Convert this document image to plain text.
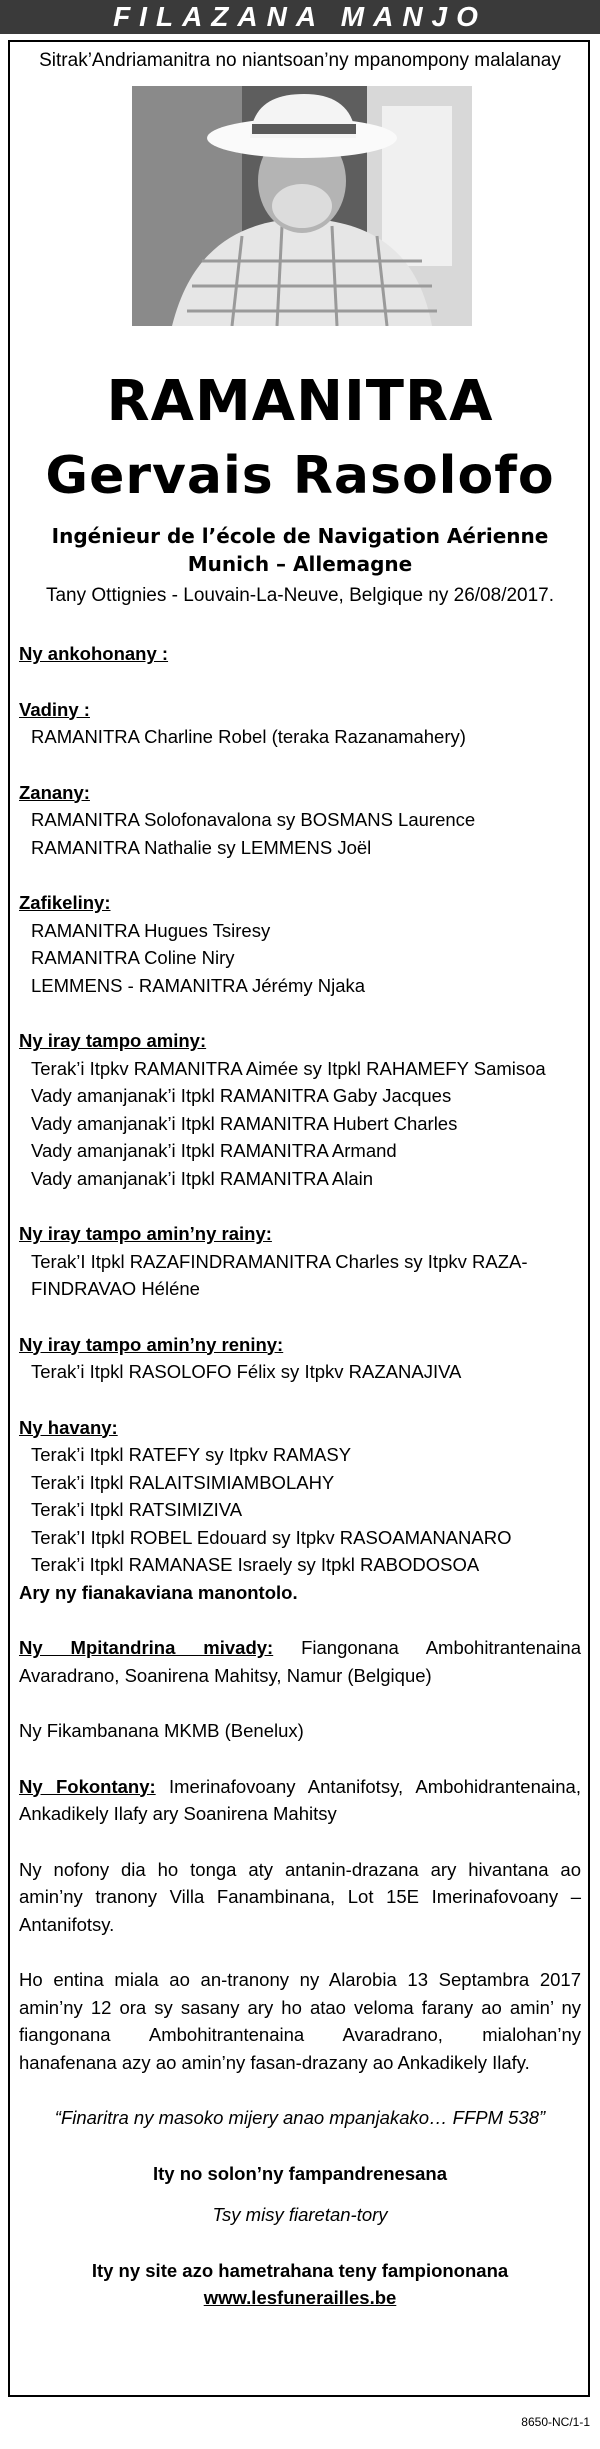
FILAZANA MANJO
Sitrak’Andriamanitra no niantsoan’ny mpanompony malalanay
RAMANITRA
Gervais Rasolofo
Ingénieur de l’école de Navigation Aérienne
Munich – Allemagne
Tany Ottignies - Louvain-La-Neuve, Belgique ny 26/08/2017.
Ny ankohonany :
Vadiny :
RAMANITRA Charline Robel (teraka Razanamahery)
Zanany:
RAMANITRA Solofonavalona sy BOSMANS Laurence
RAMANITRA Nathalie sy LEMMENS Joël
Zafikeliny:
RAMANITRA Hugues Tsiresy
RAMANITRA Coline Niry
LEMMENS - RAMANITRA Jérémy Njaka
Ny iray tampo aminy:
Terak’i Itpkv RAMANITRA Aimée sy Itpkl RAHAMEFY Samisoa
Vady amanjanak’i Itpkl RAMANITRA Gaby Jacques
Vady amanjanak’i Itpkl RAMANITRA Hubert Charles
Vady amanjanak’i Itpkl RAMANITRA Armand
Vady amanjanak’i Itpkl RAMANITRA Alain
Ny iray tampo amin’ny rainy:
Terak’I Itpkl RAZAFINDRAMANITRA Charles sy Itpkv RAZA-
FINDRAVAO Héléne
Ny iray tampo amin’ny reniny:
Terak’i Itpkl RASOLOFO Félix sy Itpkv RAZANAJIVA
Ny havany:
Terak’i Itpkl RATEFY sy Itpkv RAMASY
Terak’i Itpkl RALAITSIMIAMBOLAHY
Terak’i Itpkl RATSIMIZIVA
Terak’I Itpkl ROBEL Edouard sy Itpkv RASOAMANANARO
Terak’i Itpkl RAMANASE Israely sy Itpkl RABODOSOA
Ary ny fianakaviana manontolo.
Ny Mpitandrina mivady: Fiangonana Ambohitrantenaina Avaradrano, Soanirena Mahitsy, Namur (Belgique)
Ny Fikambanana MKMB (Benelux)
Ny Fokontany: Imerinafovoany Antanifotsy, Ambohidrantenaina, Ankadikely Ilafy ary Soanirena Mahitsy
Ny nofony dia ho tonga aty antanin-drazana ary hivantana ao amin’ny tranony Villa Fanambinana, Lot 15E Imerinafovoany – Antanifotsy.
Ho entina miala ao an-tranony ny Alarobia 13 Septambra 2017 amin’ny 12 ora sy sasany ary ho atao veloma farany ao amin’ ny fiangonana Ambohitrantenaina Avaradrano, mialohan’ny hanafenana azy ao amin’ny fasan-drazany ao Ankadikely Ilafy.
“Finaritra ny masoko mijery anao mpanjakako… FFPM 538”
Ity no solon’ny fampandrenesana
Tsy misy fiaretan-tory
Ity ny site azo hametrahana teny fampiononana
www.lesfunerailles.be
8650-NC/1-1
